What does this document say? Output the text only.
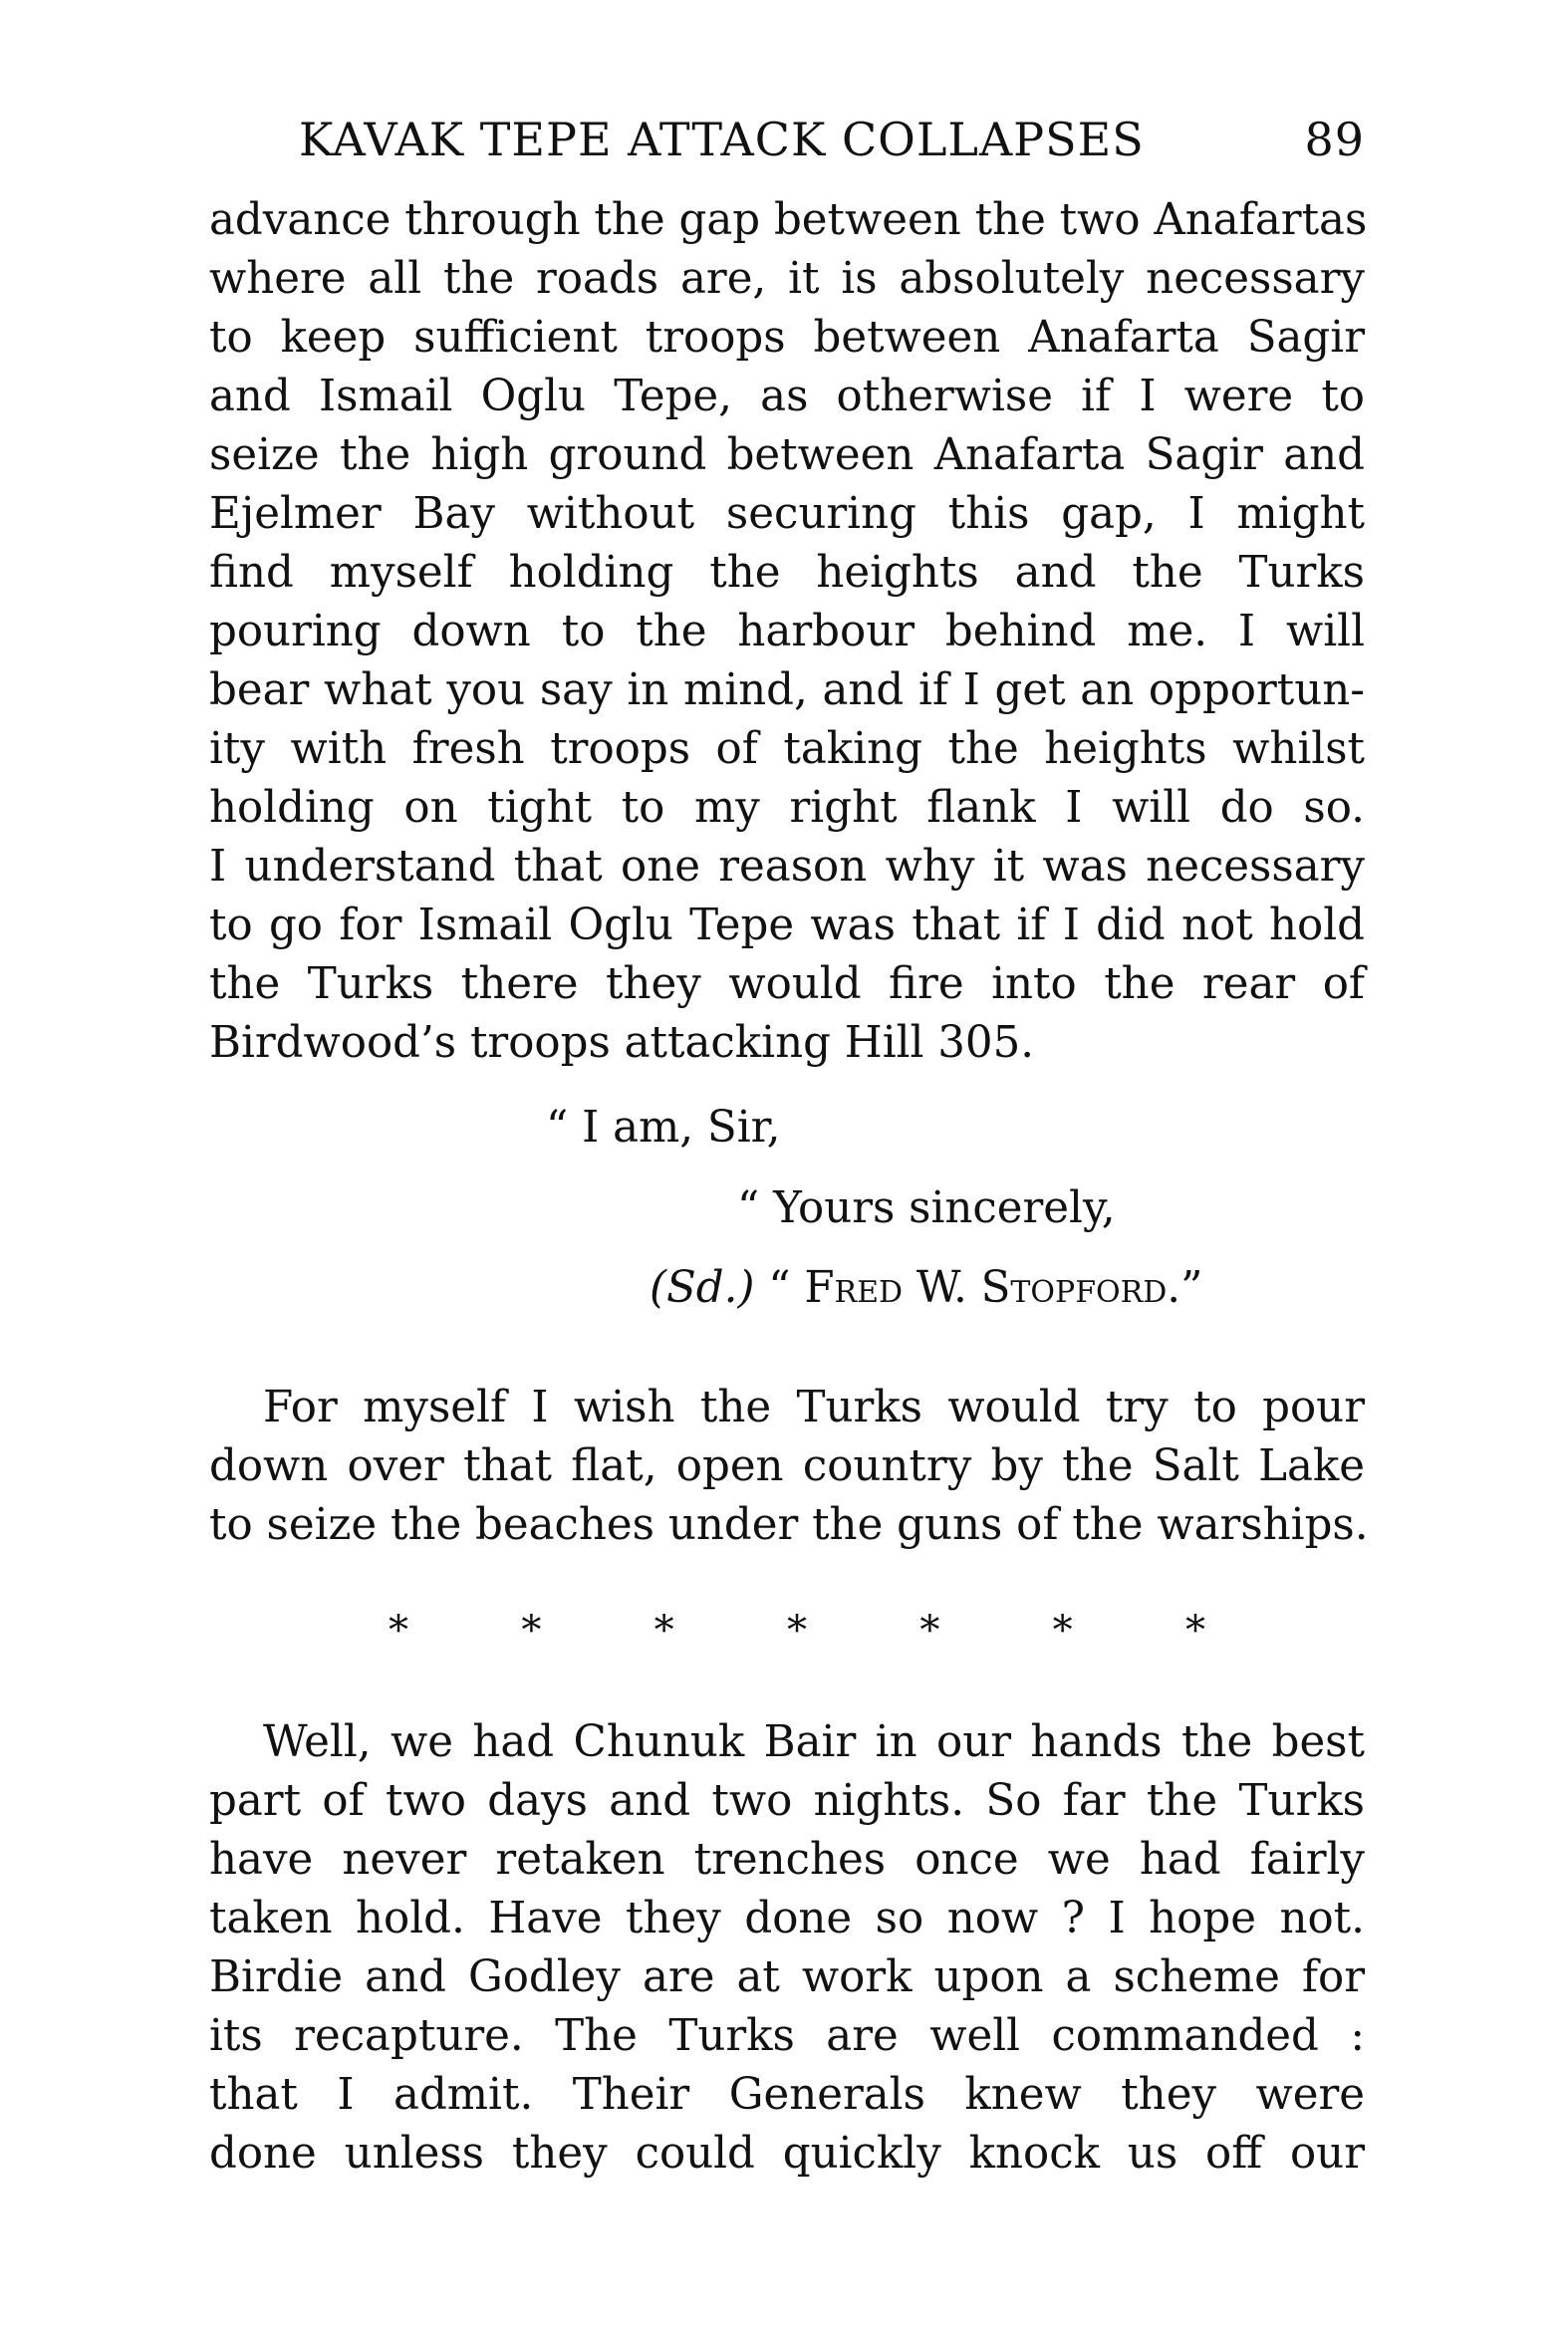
KAVAK TEPE ATTACK COLLAPSES	89
advance through the gap between the two Anafartas
where all the roads are, it is absolutely necessary
to keep sufficient troops between Anafarta Sagir
and Ismail Oglu Tepe, as otherwise if I were to
seize the high ground between Anafarta Sagir and
Ejelmer Bay without securing this gap, I might
find myself holding the heights and the Turks
pouring down to the harbour behind me. I will
bear what you say in mind, and if I get an opportun-
ity with fresh troops of taking the heights whilst
holding on tight to my right flank I will do so.
I understand that one reason why it was necessary
to go for Ismail Oglu Tepe was that if I did not hold
the Turks there they would fire into the rear of
Birdwood’s troops attacking Hill 305.
“ I am, Sir,
“ Yours sincerely,
(Sd.) “ Fred W. Stopford.”
For myself I wish the Turks would try to pour
down over that flat, open country by the Salt Lake
to seize the beaches under the guns of the warships.
*	*	*	*	*	*	*
Well, we had Chunuk Bair in our hands the best
part of two days and two nights. So far the Turks
have never retaken trenches once we had fairly
taken hold. Have they done so now ? I hope not.
Birdie and Godley are at work upon a scheme for
its recapture. The Turks are well commanded :
that I admit. Their Generals knew they were
done unless they could quickly knock us off our
